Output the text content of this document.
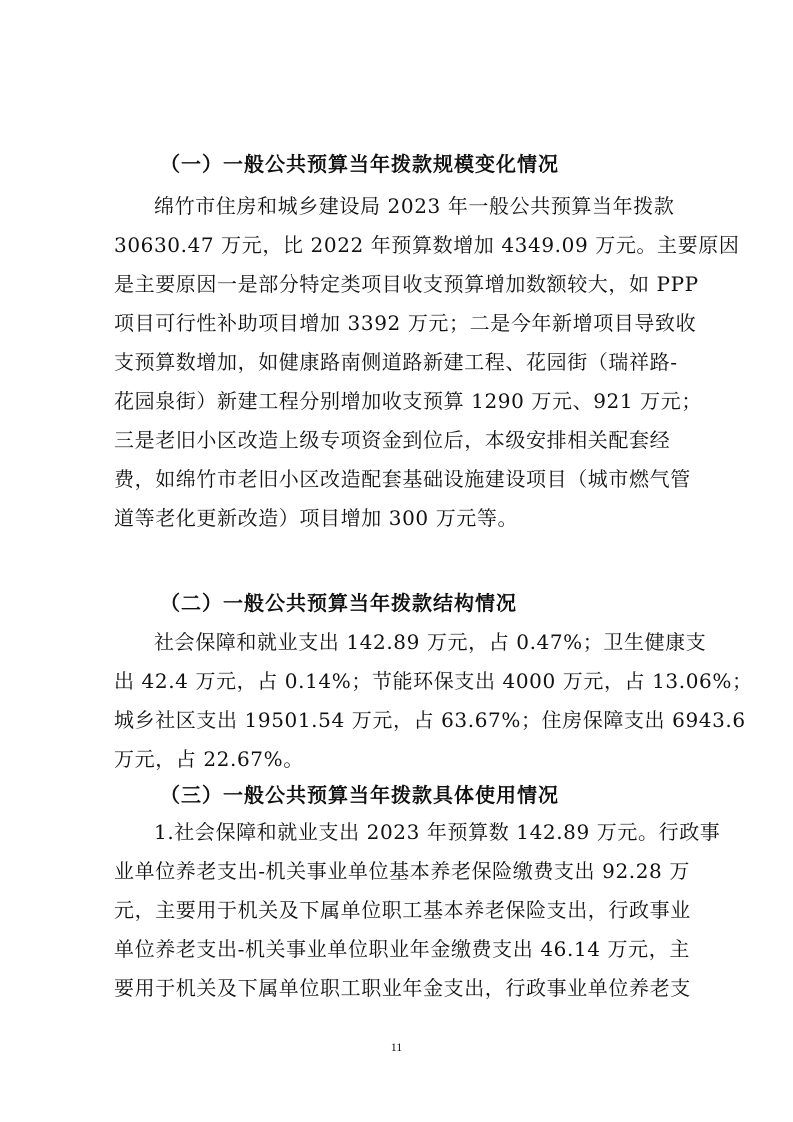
（一）一般公共预算当年拨款规模变化情况
绵竹市住房和城乡建设局 2023 年一般公共预算当年拨款
30630.47 万元，比 2022 年预算数增加 4349.09 万元。主要原因
是主要原因一是部分特定类项目收支预算增加数额较大，如 PPP
项目可行性补助项目增加 3392 万元；二是今年新增项目导致收
支预算数增加，如健康路南侧道路新建工程、花园街（瑞祥路-
花园泉街）新建工程分别增加收支预算 1290 万元、921 万元；
三是老旧小区改造上级专项资金到位后，本级安排相关配套经
费，如绵竹市老旧小区改造配套基础设施建设项目（城市燃气管
道等老化更新改造）项目增加 300 万元等。
（二）一般公共预算当年拨款结构情况
社会保障和就业支出 142.89 万元，占 0.47%；卫生健康支
出 42.4 万元，占 0.14%；节能环保支出 4000 万元，占 13.06%；
城乡社区支出 19501.54 万元，占 63.67%；住房保障支出 6943.6
万元，占 22.67%。
（三）一般公共预算当年拨款具体使用情况
1.社会保障和就业支出 2023 年预算数 142.89 万元。行政事
业单位养老支出-机关事业单位基本养老保险缴费支出 92.28 万
元，主要用于机关及下属单位职工基本养老保险支出，行政事业
单位养老支出-机关事业单位职业年金缴费支出 46.14 万元，主
要用于机关及下属单位职工职业年金支出，行政事业单位养老支
11
